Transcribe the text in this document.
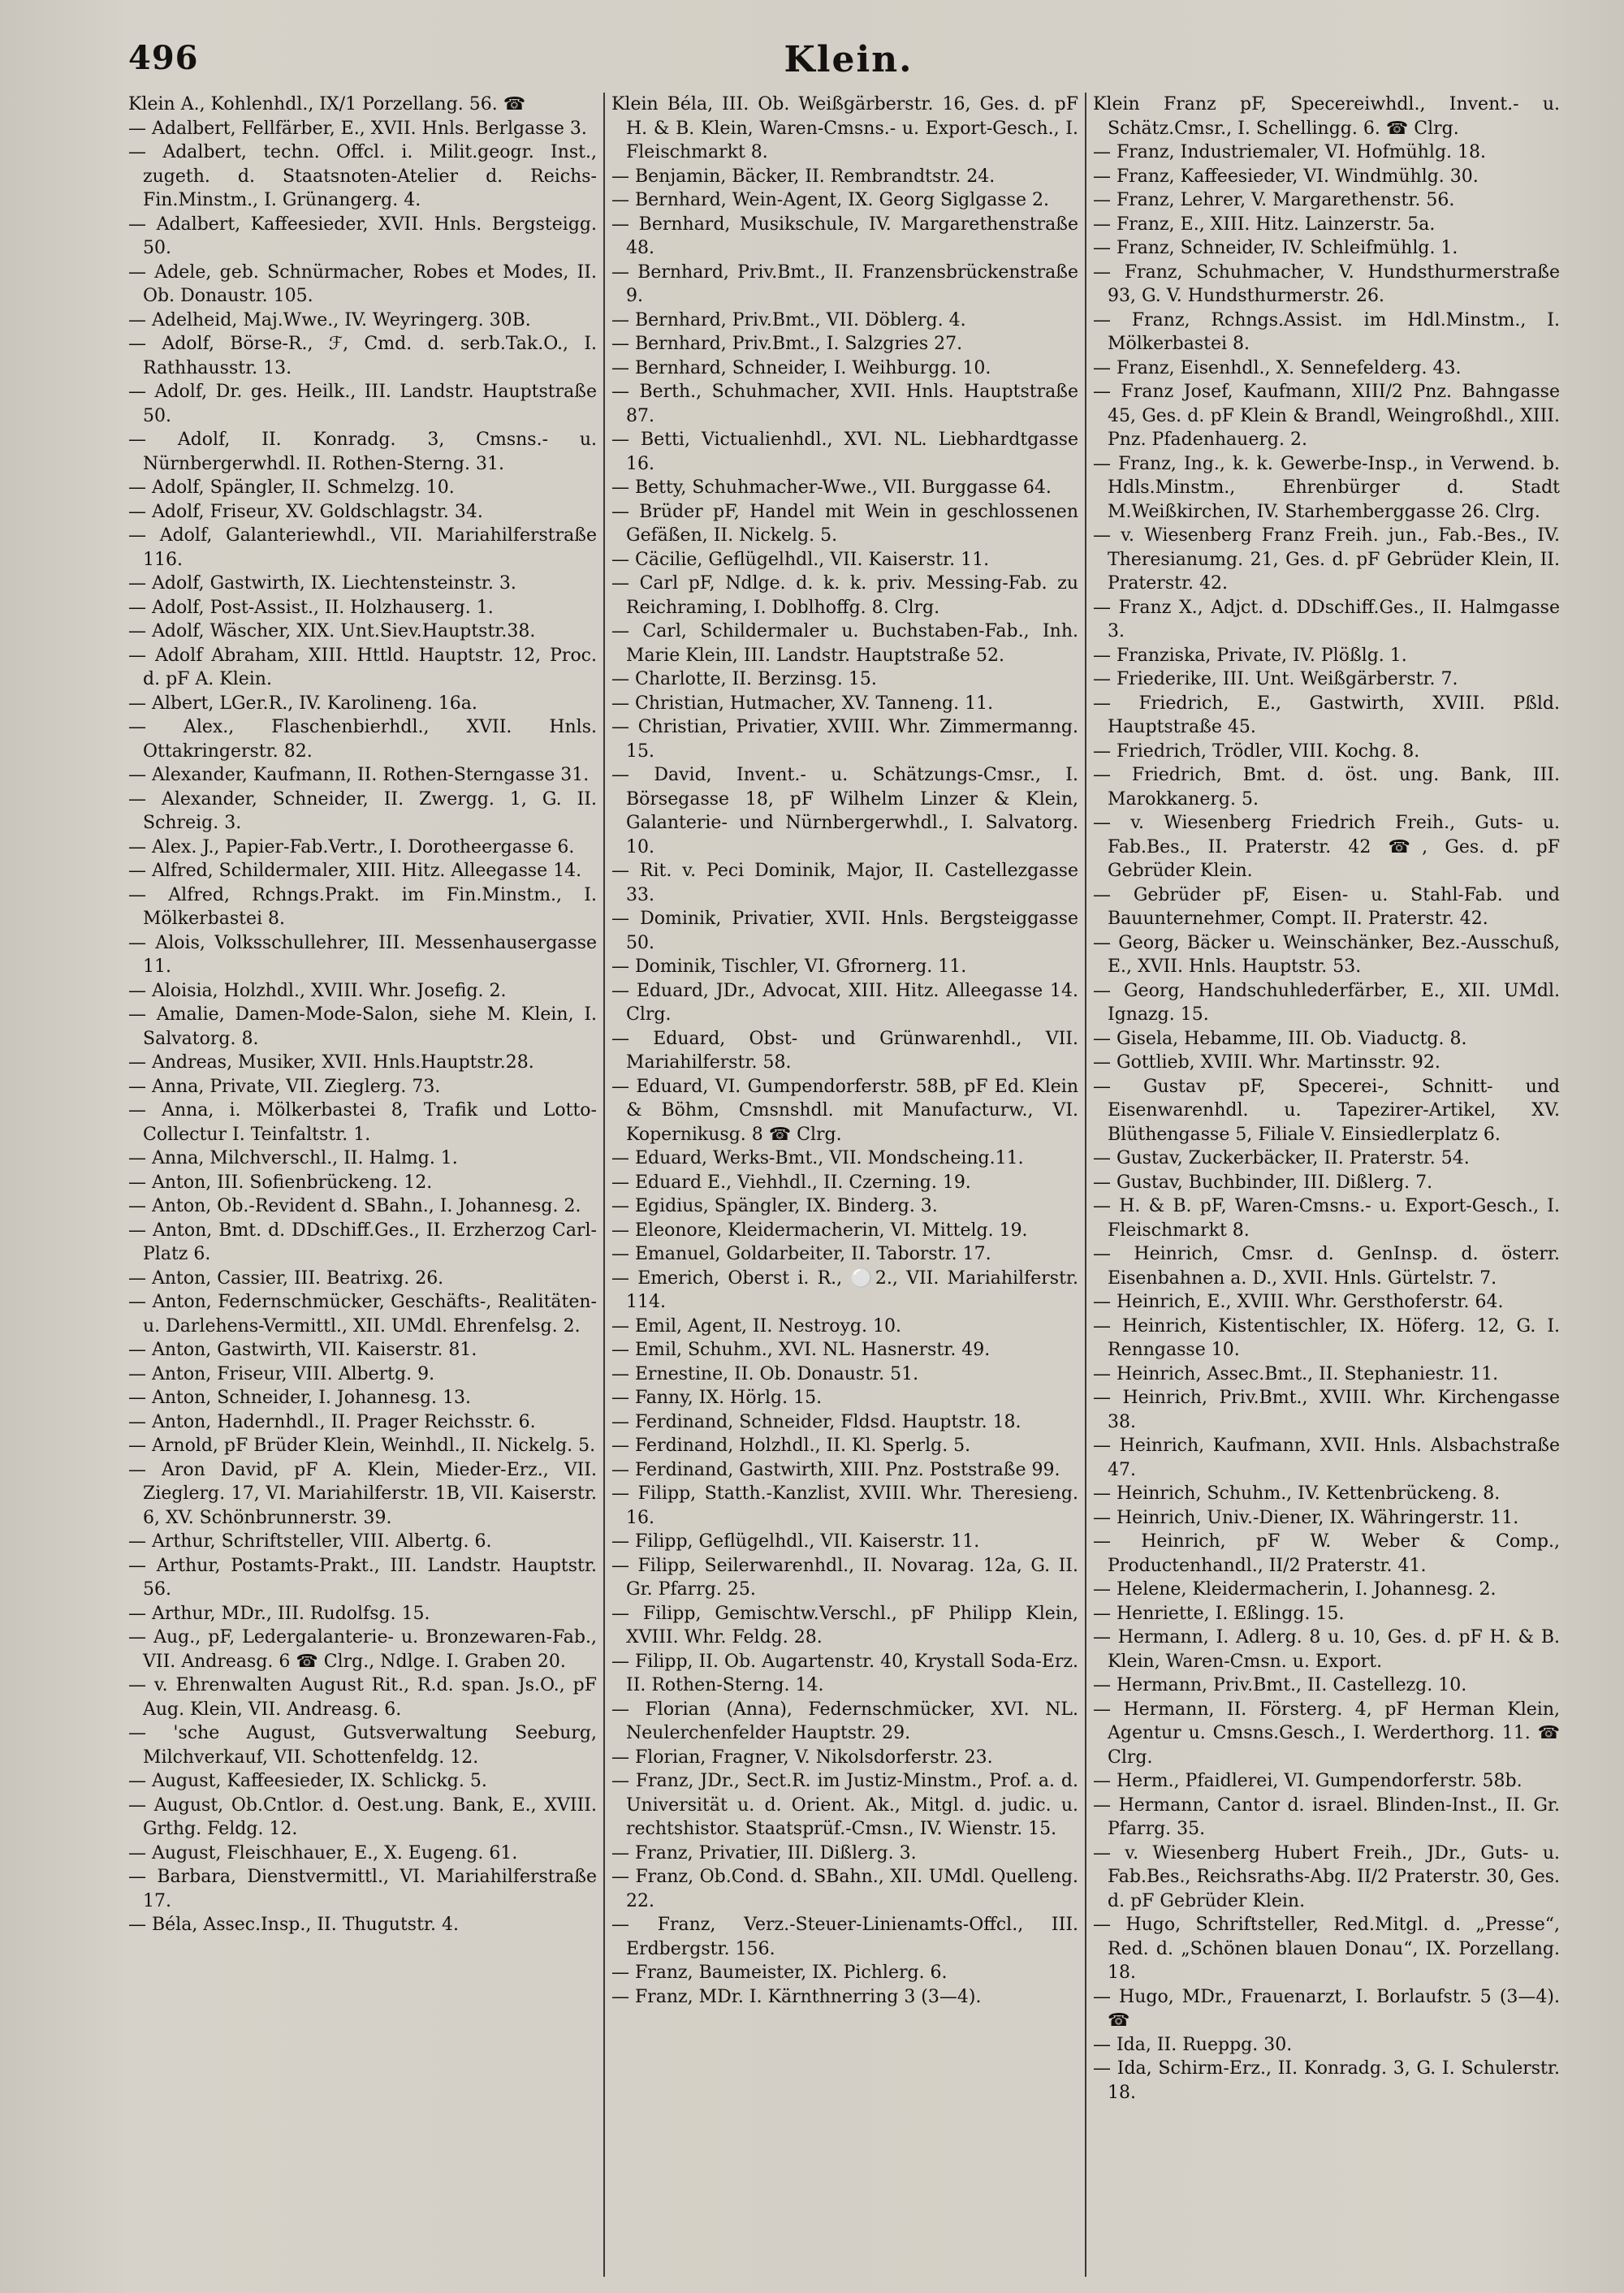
496	Klein.

Klein A., Kohlenhdl., IX/1 Porzellang. 56. ☎

— Adalbert, Fellfärber, E., XVII. Hnls. Berlgasse 3.

— Adalbert, techn. Offcl. i. Milit.geogr. Inst., zugeth. d. Staatsnoten-Atelier d. Reichs-Fin.Minstm., I. Grünangerg. 4.

— Adalbert, Kaffeesieder, XVII. Hnls. Bergsteigg. 50.

— Adele, geb. Schnürmacher, Robes et Modes, II. Ob. Donaustr. 105.

— Adelheid, Maj.Wwe., IV. Weyringerg. 30B.

— Adolf, Börse-R., ℱ, Cmd. d. serb.Tak.O., I. Rathhausstr. 13.

— Adolf, Dr. ges. Heilk., III. Landstr. Hauptstraße 50.

— Adolf, II. Konradg. 3, Cmsns.- u. Nürnbergerwhdl. II. Rothen-Sterng. 31.

— Adolf, Spängler, II. Schmelzg. 10.

— Adolf, Friseur, XV. Goldschlagstr. 34.

— Adolf, Galanteriewhdl., VII. Mariahilferstraße 116.

— Adolf, Gastwirth, IX. Liechtensteinstr. 3.

— Adolf, Post-Assist., II. Holzhauserg. 1.

— Adolf, Wäscher, XIX. Unt.Siev.Hauptstr.38.

— Adolf Abraham, XIII. Httld. Hauptstr. 12, Proc. d. pF A. Klein.

— Albert, LGer.R., IV. Karolineng. 16a.

— Alex., Flaschenbierhdl., XVII. Hnls. Ottakringerstr. 82.

— Alexander, Kaufmann, II. Rothen-Sterngasse 31.

— Alexander, Schneider, II. Zwergg. 1, G. II. Schreig. 3.

— Alex. J., Papier-Fab.Vertr., I. Dorotheergasse 6.

— Alfred, Schildermaler, XIII. Hitz. Alleegasse 14.

— Alfred, Rchngs.Prakt. im Fin.Minstm., I. Mölkerbastei 8.

— Alois, Volksschullehrer, III. Messenhausergasse 11.

— Aloisia, Holzhdl., XVIII. Whr. Josefig. 2.

— Amalie, Damen-Mode-Salon, siehe M. Klein, I. Salvatorg. 8.

— Andreas, Musiker, XVII. Hnls.Hauptstr.28.

— Anna, Private, VII. Zieglerg. 73.

— Anna, i. Mölkerbastei 8, Trafik und Lotto-Collectur I. Teinfaltstr. 1.

— Anna, Milchverschl., II. Halmg. 1.

— Anton, III. Sofienbrückeng. 12.

— Anton, Ob.-Revident d. SBahn., I. Johannesg. 2.

— Anton, Bmt. d. DDschiff.Ges., II. Erzherzog Carl-Platz 6.

— Anton, Cassier, III. Beatrixg. 26.

— Anton, Federnschmücker, Geschäfts-, Realitäten- u. Darlehens-Vermittl., XII. UMdl. Ehrenfelsg. 2.

— Anton, Gastwirth, VII. Kaiserstr. 81.

— Anton, Friseur, VIII. Albertg. 9.

— Anton, Schneider, I. Johannesg. 13.

— Anton, Hadernhdl., II. Prager Reichsstr. 6.

— Arnold, pF Brüder Klein, Weinhdl., II. Nickelg. 5.

— Aron David, pF A. Klein, Mieder-Erz., VII. Zieglerg. 17, VI. Mariahilferstr. 1B, VII. Kaiserstr. 6, XV. Schönbrunnerstr. 39.

— Arthur, Schriftsteller, VIII. Albertg. 6.

— Arthur, Postamts-Prakt., III. Landstr. Hauptstr. 56.

— Arthur, MDr., III. Rudolfsg. 15.

— Aug., pF, Ledergalanterie- u. Bronzewaren-Fab., VII. Andreasg. 6 ☎ Clrg., Ndlge. I. Graben 20.

— v. Ehrenwalten August Rit., R.d. span. Js.O., pF Aug. Klein, VII. Andreasg. 6.

— 'sche August, Gutsverwaltung Seeburg, Milchverkauf, VII. Schottenfeldg. 12.

— August, Kaffeesieder, IX. Schlickg. 5.

— August, Ob.Cntlor. d. Oest.ung. Bank, E., XVIII. Grthg. Feldg. 12.

— August, Fleischhauer, E., X. Eugeng. 61.

— Barbara, Dienstvermittl., VI. Mariahilferstraße 17.

— Béla, Assec.Insp., II. Thugutstr. 4.

Klein Béla, III. Ob. Weißgärberstr. 16, Ges. d. pF H. & B. Klein, Waren-Cmsns.- u. Export-Gesch., I. Fleischmarkt 8.

— Benjamin, Bäcker, II. Rembrandtstr. 24.

— Bernhard, Wein-Agent, IX. Georg Siglgasse 2.

— Bernhard, Musikschule, IV. Margarethenstraße 48.

— Bernhard, Priv.Bmt., II. Franzensbrückenstraße 9.

— Bernhard, Priv.Bmt., VII. Döblerg. 4.

— Bernhard, Priv.Bmt., I. Salzgries 27.

— Bernhard, Schneider, I. Weihburgg. 10.

— Berth., Schuhmacher, XVII. Hnls. Hauptstraße 87.

— Betti, Victualienhdl., XVI. NL. Liebhardtgasse 16.

— Betty, Schuhmacher-Wwe., VII. Burggasse 64.

— Brüder pF, Handel mit Wein in geschlossenen Gefäßen, II. Nickelg. 5.

— Cäcilie, Geflügelhdl., VII. Kaiserstr. 11.

— Carl pF, Ndlge. d. k. k. priv. Messing-Fab. zu Reichraming, I. Doblhoffg. 8. Clrg.

— Carl, Schildermaler u. Buchstaben-Fab., Inh. Marie Klein, III. Landstr. Hauptstraße 52.

— Charlotte, II. Berzinsg. 15.

— Christian, Hutmacher, XV. Tanneng. 11.

— Christian, Privatier, XVIII. Whr. Zimmermanng. 15.

— David, Invent.- u. Schätzungs-Cmsr., I. Börsegasse 18, pF Wilhelm Linzer & Klein, Galanterie- und Nürnbergerwhdl., I. Salvatorg. 10.

— Rit. v. Peci Dominik, Major, II. Castellezgasse 33.

— Dominik, Privatier, XVII. Hnls. Bergsteiggasse 50.

— Dominik, Tischler, VI. Gfrornerg. 11.

— Eduard, JDr., Advocat, XIII. Hitz. Alleegasse 14. Clrg.

— Eduard, Obst- und Grünwarenhdl., VII. Mariahilferstr. 58.

— Eduard, VI. Gumpendorferstr. 58B, pF Ed. Klein & Böhm, Cmsnshdl. mit Manufacturw., VI. Kopernikusg. 8 ☎ Clrg.

— Eduard, Werks-Bmt., VII. Mondscheing.11.

— Eduard E., Viehhdl., II. Czerning. 19.

— Egidius, Spängler, IX. Binderg. 3.

— Eleonore, Kleidermacherin, VI. Mittelg. 19.

— Emanuel, Goldarbeiter, II. Taborstr. 17.

— Emerich, Oberst i. R., ⚪2., VII. Mariahilferstr. 114.

— Emil, Agent, II. Nestroyg. 10.

— Emil, Schuhm., XVI. NL. Hasnerstr. 49.

— Ernestine, II. Ob. Donaustr. 51.

— Fanny, IX. Hörlg. 15.

— Ferdinand, Schneider, Fldsd. Hauptstr. 18.

— Ferdinand, Holzhdl., II. Kl. Sperlg. 5.

— Ferdinand, Gastwirth, XIII. Pnz. Poststraße 99.

— Filipp, Statth.-Kanzlist, XVIII. Whr. Theresieng. 16.

— Filipp, Geflügelhdl., VII. Kaiserstr. 11.

— Filipp, Seilerwarenhdl., II. Novarag. 12a, G. II. Gr. Pfarrg. 25.

— Filipp, Gemischtw.Verschl., pF Philipp Klein, XVIII. Whr. Feldg. 28.

— Filipp, II. Ob. Augartenstr. 40, Krystall Soda-Erz. II. Rothen-Sterng. 14.

— Florian (Anna), Federnschmücker, XVI. NL. Neulerchenfelder Hauptstr. 29.

— Florian, Fragner, V. Nikolsdorferstr. 23.

— Franz, JDr., Sect.R. im Justiz-Minstm., Prof. a. d. Universität u. d. Orient. Ak., Mitgl. d. judic. u. rechtshistor. Staatsprüf.-Cmsn., IV. Wienstr. 15.

— Franz, Privatier, III. Dißlerg. 3.

— Franz, Ob.Cond. d. SBahn., XII. UMdl. Quelleng. 22.

— Franz, Verz.-Steuer-Linienamts-Offcl., III. Erdbergstr. 156.

— Franz, Baumeister, IX. Pichlerg. 6.

— Franz, MDr. I. Kärnthnerring 3 (3—4).

Klein Franz pF, Specereiwhdl., Invent.- u. Schätz.Cmsr., I. Schellingg. 6. ☎ Clrg.

— Franz, Industriemaler, VI. Hofmühlg. 18.

— Franz, Kaffeesieder, VI. Windmühlg. 30.

— Franz, Lehrer, V. Margarethenstr. 56.

— Franz, E., XIII. Hitz. Lainzerstr. 5a.

— Franz, Schneider, IV. Schleifmühlg. 1.

— Franz, Schuhmacher, V. Hundsthurmerstraße 93, G. V. Hundsthurmerstr. 26.

— Franz, Rchngs.Assist. im Hdl.Minstm., I. Mölkerbastei 8.

— Franz, Eisenhdl., X. Sennefelderg. 43.

— Franz Josef, Kaufmann, XIII/2 Pnz. Bahngasse 45, Ges. d. pF Klein & Brandl, Weingroßhdl., XIII. Pnz. Pfadenhauerg. 2.

— Franz, Ing., k. k. Gewerbe-Insp., in Verwend. b. Hdls.Minstm., Ehrenbürger d. Stadt M.Weißkirchen, IV. Starhemberggasse 26. Clrg.

— v. Wiesenberg Franz Freih. jun., Fab.-Bes., IV. Theresianumg. 21, Ges. d. pF Gebrüder Klein, II. Praterstr. 42.

— Franz X., Adjct. d. DDschiff.Ges., II. Halmgasse 3.

— Franziska, Private, IV. Plößlg. 1.

— Friederike, III. Unt. Weißgärberstr. 7.

— Friedrich, E., Gastwirth, XVIII. Pßld. Hauptstraße 45.

— Friedrich, Trödler, VIII. Kochg. 8.

— Friedrich, Bmt. d. öst. ung. Bank, III. Marokkanerg. 5.

— v. Wiesenberg Friedrich Freih., Guts- u. Fab.Bes., II. Praterstr. 42 ☎, Ges. d. pF Gebrüder Klein.

— Gebrüder pF, Eisen- u. Stahl-Fab. und Bauunternehmer, Compt. II. Praterstr. 42.

— Georg, Bäcker u. Weinschänker, Bez.-Ausschuß, E., XVII. Hnls. Hauptstr. 53.

— Georg, Handschuhlederfärber, E., XII. UMdl. Ignazg. 15.

— Gisela, Hebamme, III. Ob. Viaductg. 8.

— Gottlieb, XVIII. Whr. Martinsstr. 92.

— Gustav pF, Specerei-, Schnitt- und Eisenwarenhdl. u. Tapezirer-Artikel, XV. Blüthengasse 5, Filiale V. Einsiedlerplatz 6.

— Gustav, Zuckerbäcker, II. Praterstr. 54.

— Gustav, Buchbinder, III. Dißlerg. 7.

— H. & B. pF, Waren-Cmsns.- u. Export-Gesch., I. Fleischmarkt 8.

— Heinrich, Cmsr. d. GenInsp. d. österr. Eisenbahnen a. D., XVII. Hnls. Gürtelstr. 7.

— Heinrich, E., XVIII. Whr. Gersthoferstr. 64.

— Heinrich, Kistentischler, IX. Höferg. 12, G. I. Renngasse 10.

— Heinrich, Assec.Bmt., II. Stephaniestr. 11.

— Heinrich, Priv.Bmt., XVIII. Whr. Kirchengasse 38.

— Heinrich, Kaufmann, XVII. Hnls. Alsbachstraße 47.

— Heinrich, Schuhm., IV. Kettenbrückeng. 8.

— Heinrich, Univ.-Diener, IX. Währingerstr. 11.

— Heinrich, pF W. Weber & Comp., Productenhandl., II/2 Praterstr. 41.

— Helene, Kleidermacherin, I. Johannesg. 2.

— Henriette, I. Eßlingg. 15.

— Hermann, I. Adlerg. 8 u. 10, Ges. d. pF H. & B. Klein, Waren-Cmsn. u. Export.

— Hermann, Priv.Bmt., II. Castellezg. 10.

— Hermann, II. Försterg. 4, pF Herman Klein, Agentur u. Cmsns.Gesch., I. Werderthorg. 11. ☎ Clrg.

— Herm., Pfaidlerei, VI. Gumpendorferstr. 58b.

— Hermann, Cantor d. israel. Blinden-Inst., II. Gr. Pfarrg. 35.

— v. Wiesenberg Hubert Freih., JDr., Guts- u. Fab.Bes., Reichsraths-Abg. II/2 Praterstr. 30, Ges. d. pF Gebrüder Klein.

— Hugo, Schriftsteller, Red.Mitgl. d. „Presse“, Red. d. „Schönen blauen Donau“, IX. Porzellang. 18.

— Hugo, MDr., Frauenarzt, I. Borlaufstr. 5 (3—4). ☎

— Ida, II. Rueppg. 30.

— Ida, Schirm-Erz., II. Konradg. 3, G. I. Schulerstr. 18.
